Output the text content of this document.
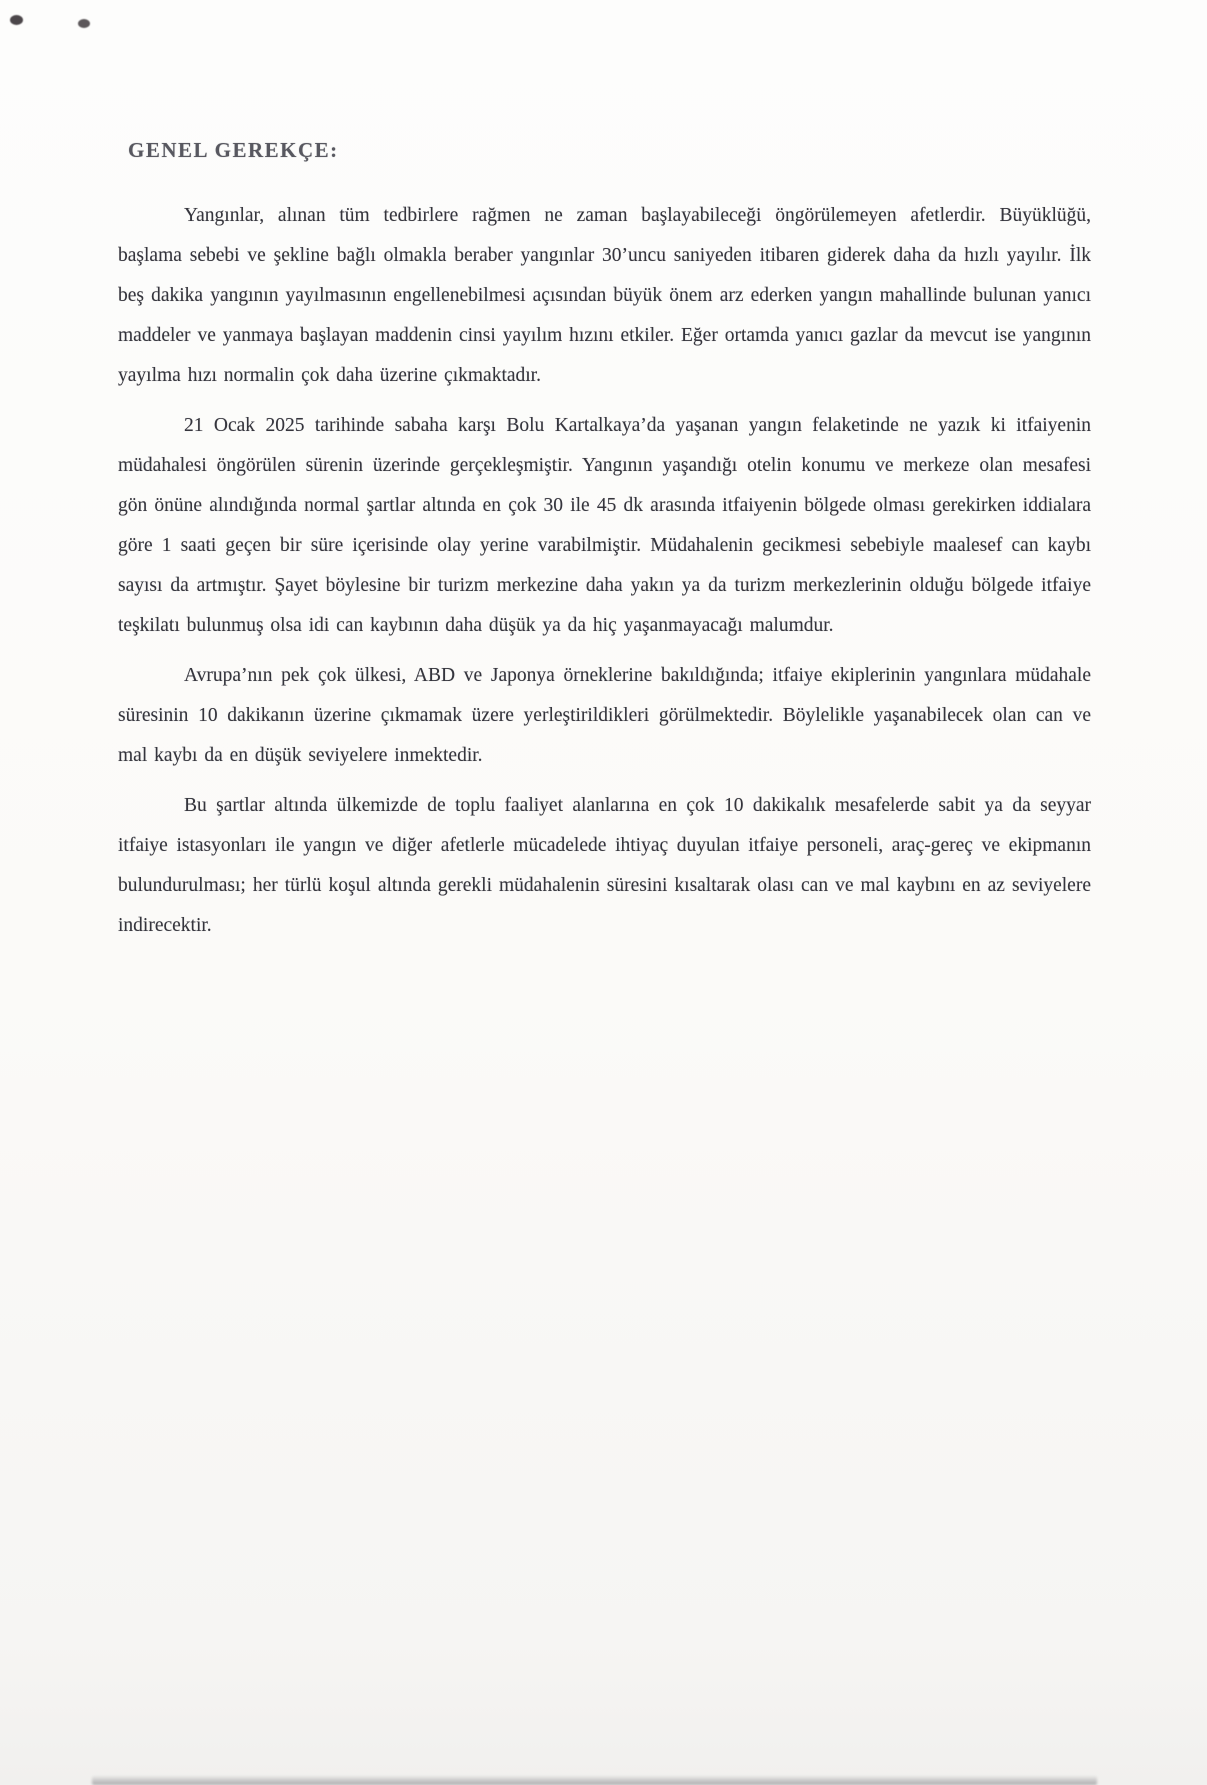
GENEL GEREKÇE:

Yangınlar, alınan tüm tedbirlere rağmen ne zaman başlayabileceği öngörülemeyen afetlerdir. Büyüklüğü, başlama sebebi ve şekline bağlı olmakla beraber yangınlar 30’uncu saniyeden itibaren giderek daha da hızlı yayılır. İlk beş dakika yangının yayılmasının engellenebilmesi açısından büyük önem arz ederken yangın mahallinde bulunan yanıcı maddeler ve yanmaya başlayan maddenin cinsi yayılım hızını etkiler. Eğer ortamda yanıcı gazlar da mevcut ise yangının yayılma hızı normalin çok daha üzerine çıkmaktadır.

21 Ocak 2025 tarihinde sabaha karşı Bolu Kartalkaya’da yaşanan yangın felaketinde ne yazık ki itfaiyenin müdahalesi öngörülen sürenin üzerinde gerçekleşmiştir. Yangının yaşandığı otelin konumu ve merkeze olan mesafesi gön önüne alındığında normal şartlar altında en çok 30 ile 45 dk arasında itfaiyenin bölgede olması gerekirken iddialara göre 1 saati geçen bir süre içerisinde olay yerine varabilmiştir. Müdahalenin gecikmesi sebebiyle maalesef can kaybı sayısı da artmıştır. Şayet böylesine bir turizm merkezine daha yakın ya da turizm merkezlerinin olduğu bölgede itfaiye teşkilatı bulunmuş olsa idi can kaybının daha düşük ya da hiç yaşanmayacağı malumdur.

Avrupa’nın pek çok ülkesi, ABD ve Japonya örneklerine bakıldığında; itfaiye ekiplerinin yangınlara müdahale süresinin 10 dakikanın üzerine çıkmamak üzere yerleştirildikleri görülmektedir. Böylelikle yaşanabilecek olan can ve mal kaybı da en düşük seviyelere inmektedir.

Bu şartlar altında ülkemizde de toplu faaliyet alanlarına en çok 10 dakikalık mesafelerde sabit ya da seyyar itfaiye istasyonları ile yangın ve diğer afetlerle mücadelede ihtiyaç duyulan itfaiye personeli, araç-gereç ve ekipmanın bulundurulması; her türlü koşul altında gerekli müdahalenin süresini kısaltarak olası can ve mal kaybını en az seviyelere indirecektir.
